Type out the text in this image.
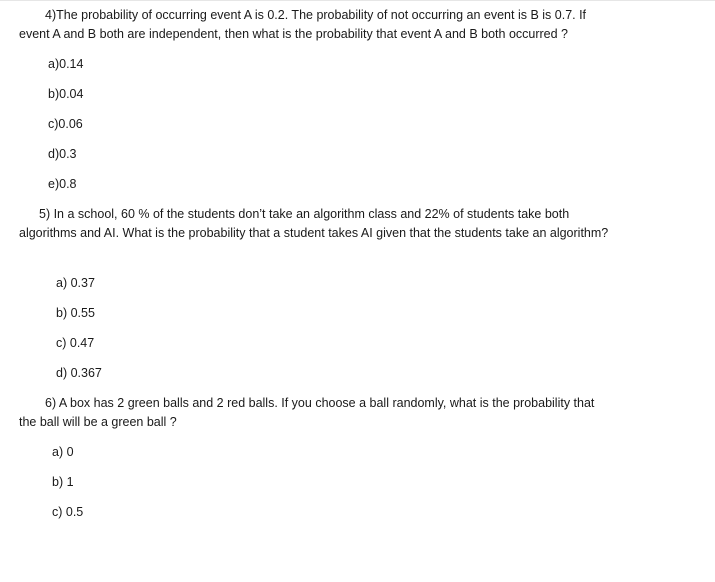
4)The probability of occurring event A is 0.2. The probability of not occurring an event is B is 0.7. If
event A and B both are independent, then what is the probability that event A and B both occurred ?

a)0.14

b)0.04

c)0.06

d)0.3

e)0.8

5) In a school, 60 % of the students don’t take an algorithm class and 22% of students take both
algorithms and AI. What is the probability that a student takes AI given that the students take an algorithm?

a) 0.37

b) 0.55

c) 0.47

d) 0.367

6) A box has 2 green balls and 2 red balls. If you choose a ball randomly, what is the probability that
the ball will be a green ball ?

a) 0

b) 1

c) 0.5
